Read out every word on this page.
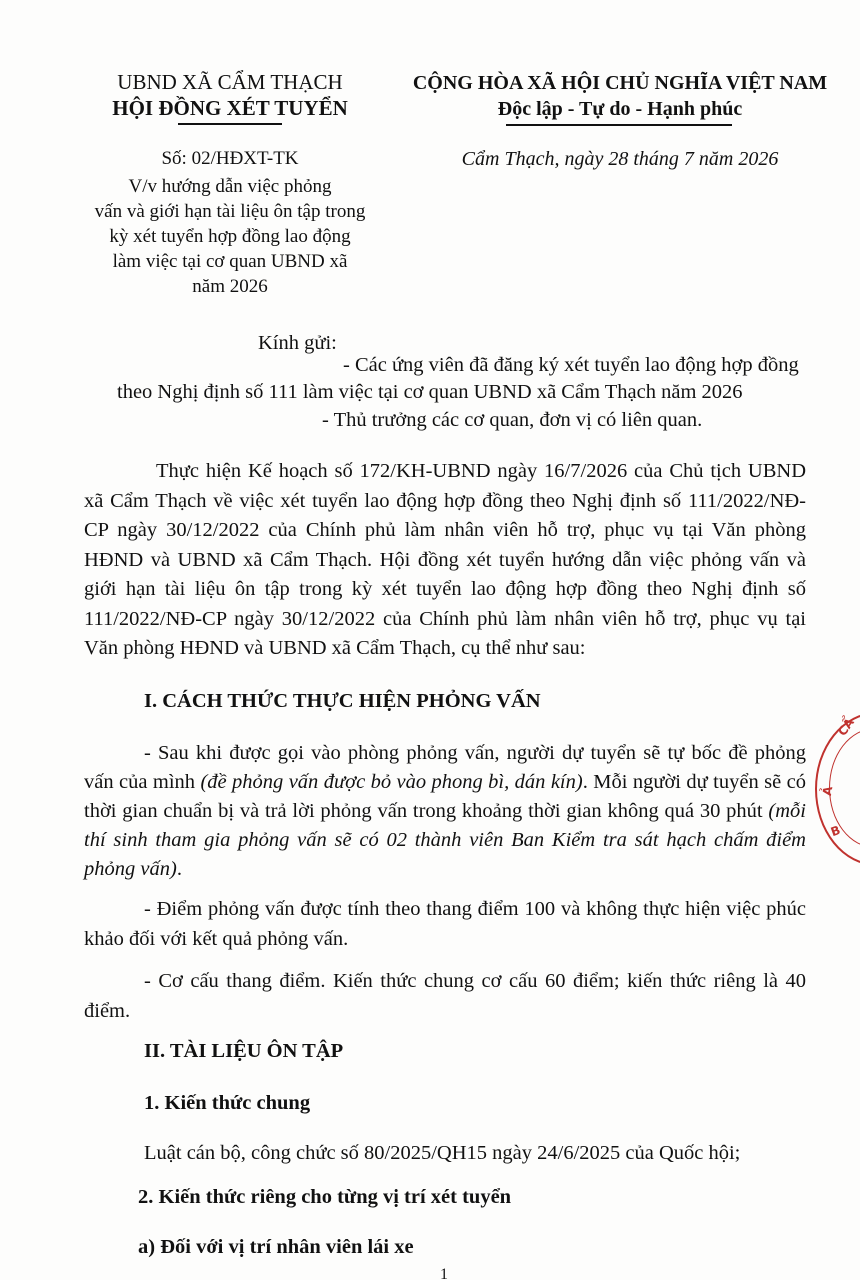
UBND XÃ CẨM THẠCH
HỘI ĐỒNG XÉT TUYỂN
Số: 02/HĐXT-TK
V/v hướng dẫn việc phỏng
vấn và giới hạn tài liệu ôn tập trong
kỳ xét tuyển hợp đồng lao động
làm việc tại cơ quan UBND xã
năm 2026
CỘNG HÒA XÃ HỘI CHỦ NGHĨA VIỆT NAM
Độc lập - Tự do - Hạnh phúc
Cẩm Thạch, ngày 28 tháng 7 năm 2026
Kính gửi:
- Các ứng viên đã đăng ký xét tuyển lao động hợp đồng
theo Nghị định số 111 làm việc tại cơ quan UBND xã Cẩm Thạch năm 2026
- Thủ trưởng các cơ quan, đơn vị có liên quan.
Thực hiện Kế hoạch số 172/KH-UBND ngày 16/7/2026 của Chủ tịch UBND xã Cẩm Thạch về việc xét tuyển lao động hợp đồng theo Nghị định số 111/2022/NĐ-CP ngày 30/12/2022 của Chính phủ làm nhân viên hỗ trợ, phục vụ tại Văn phòng HĐND và UBND xã Cẩm Thạch. Hội đồng xét tuyển hướng dẫn việc phỏng vấn và giới hạn tài liệu ôn tập trong kỳ xét tuyển lao động hợp đồng theo Nghị định số 111/2022/NĐ-CP ngày 30/12/2022 của Chính phủ làm nhân viên hỗ trợ, phục vụ tại Văn phòng HĐND và UBND xã Cẩm Thạch, cụ thể như sau:
I. CÁCH THỨC THỰC HIỆN PHỎNG VẤN
- Sau khi được gọi vào phòng phỏng vấn, người dự tuyển sẽ tự bốc đề phỏng vấn của mình (đề phỏng vấn được bỏ vào phong bì, dán kín). Mỗi người dự tuyển sẽ có thời gian chuẩn bị và trả lời phỏng vấn trong khoảng thời gian không quá 30 phút (mỗi thí sinh tham gia phỏng vấn sẽ có 02 thành viên Ban Kiểm tra sát hạch chấm điểm phỏng vấn).
- Điểm phỏng vấn được tính theo thang điểm 100 và không thực hiện việc phúc khảo đối với kết quả phỏng vấn.
- Cơ cấu thang điểm. Kiến thức chung cơ cấu 60 điểm; kiến thức riêng là 40 điểm.
II. TÀI LIỆU ÔN TẬP
1. Kiến thức chung
Luật cán bộ, công chức số 80/2025/QH15 ngày 24/6/2025 của Quốc hội;
2. Kiến thức riêng cho từng vị trí xét tuyển
a) Đối với vị trí nhân viên lái xe
1
CẨ
Ả
B
